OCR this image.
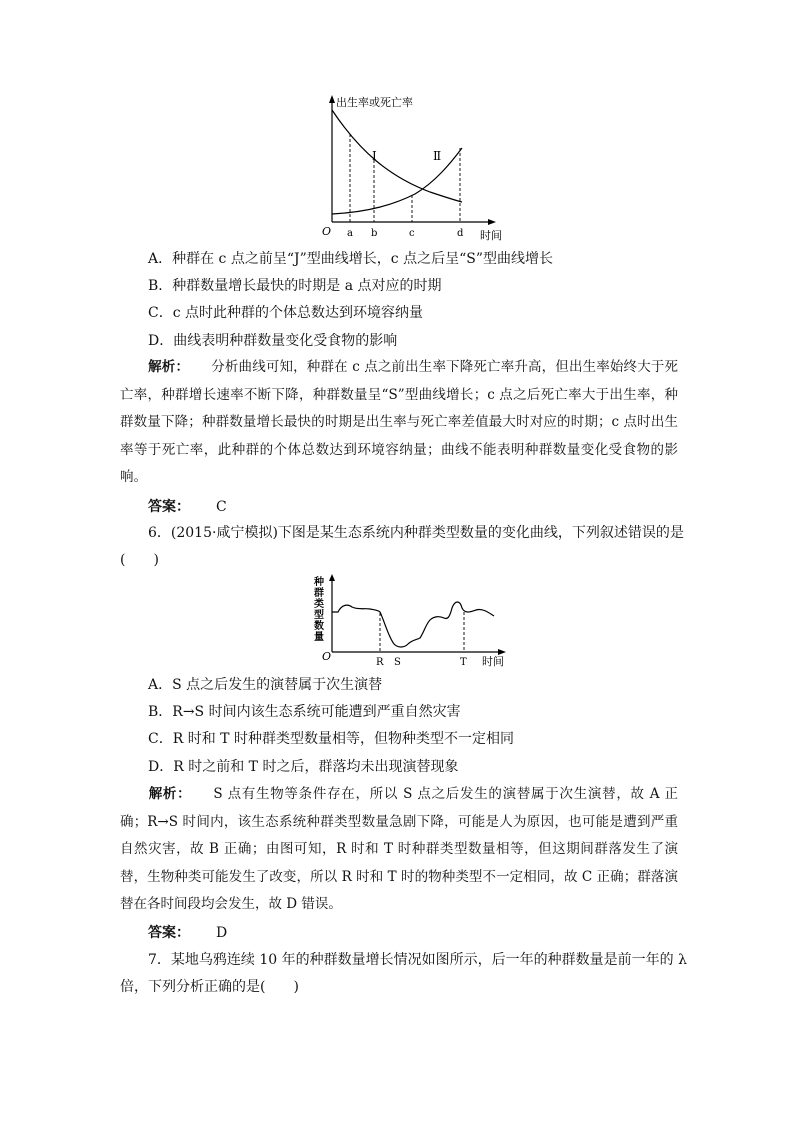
出生率或死亡率
Ⅰ	Ⅱ
O a b	c	d 时间
A．种群在 c 点之前呈“J”型曲线增长，c 点之后呈“S”型曲线增长
B．种群数量增长最快的时期是 a 点对应的时期
C．c 点时此种群的个体总数达到环境容纳量
D．曲线表明种群数量变化受食物的影响
解析： 分析曲线可知，种群在 c 点之前出生率下降死亡率升高，但出生率始终大于死亡率，种群增长速率不断下降，种群数量呈“S”型曲线增长；c 点之后死亡率大于出生率，种群数量下降；种群数量增长最快的时期是出生率与死亡率差值最大时对应的时期；c 点时出生率等于死亡率，此种群的个体总数达到环境容纳量；曲线不能表明种群数量变化受食物的影响。
答案： C
6．(2015·咸宁模拟)下图是某生态系统内种群类型数量的变化曲线，下列叙述错误的是
(　　)
种 群 类 型 数 量
O	R S	T 时间
A．S 点之后发生的演替属于次生演替
B．R→S 时间内该生态系统可能遭到严重自然灾害
C．R 时和 T 时种群类型数量相等，但物种类型不一定相同
D．R 时之前和 T 时之后，群落均未出现演替现象
解析： S 点有生物等条件存在，所以 S 点之后发生的演替属于次生演替，故 A 正确；R→S 时间内，该生态系统种群类型数量急剧下降，可能是人为原因，也可能是遭到严重自然灾害，故 B 正确；由图可知，R 时和 T 时种群类型数量相等，但这期间群落发生了演替，生物种类可能发生了改变，所以 R 时和 T 时的物种类型不一定相同，故 C 正确；群落演替在各时间段均会发生，故 D 错误。
答案： D
7．某地乌鸦连续 10 年的种群数量增长情况如图所示，后一年的种群数量是前一年的 λ
倍，下列分析正确的是(　　)
